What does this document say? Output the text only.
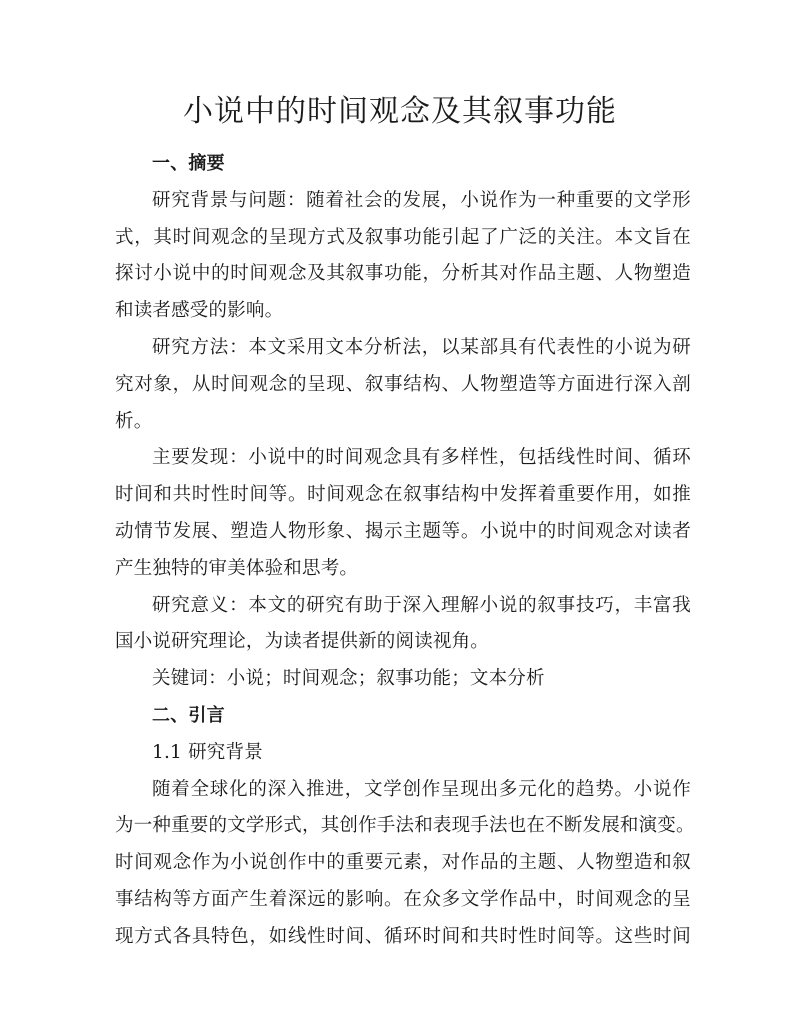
小说中的时间观念及其叙事功能
一、摘要
研究背景与问题：随着社会的发展，小说作为一种重要的文学形
式，其时间观念的呈现方式及叙事功能引起了广泛的关注。本文旨在
探讨小说中的时间观念及其叙事功能，分析其对作品主题、人物塑造
和读者感受的影响。
研究方法：本文采用文本分析法，以某部具有代表性的小说为研
究对象，从时间观念的呈现、叙事结构、人物塑造等方面进行深入剖
析。
主要发现：小说中的时间观念具有多样性，包括线性时间、循环
时间和共时性时间等。时间观念在叙事结构中发挥着重要作用，如推
动情节发展、塑造人物形象、揭示主题等。小说中的时间观念对读者
产生独特的审美体验和思考。
研究意义：本文的研究有助于深入理解小说的叙事技巧，丰富我
国小说研究理论，为读者提供新的阅读视角。
关键词：小说；时间观念；叙事功能；文本分析
二、引言
1.1 研究背景
随着全球化的深入推进，文学创作呈现出多元化的趋势。小说作
为一种重要的文学形式，其创作手法和表现手法也在不断发展和演变。
时间观念作为小说创作中的重要元素，对作品的主题、人物塑造和叙
事结构等方面产生着深远的影响。在众多文学作品中，时间观念的呈
现方式各具特色，如线性时间、循环时间和共时性时间等。这些时间
